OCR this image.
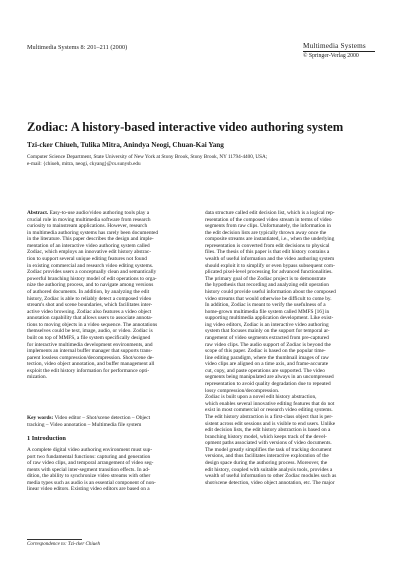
Multimedia Systems 8: 201–211 (2000)	Multimedia Systems
© Springer-Verlag 2000
Zodiac: A history-based interactive video authoring system
Tzi-cker Chiueh, Tulika Mitra, Anindya Neogi, Chuan-Kai Yang
Computer Science Department, State University of New York at Stony Brook, Stony Brook, NY 11794-4400, USA;
e-mail: {chiueh, mitra, neogi, ckyang}@cs.sunysb.edu
Abstract. Easy-to-use audio/video authoring tools play a
crucial role in moving multimedia software from research
curiosity to mainstream applications. However, research
in multimedia authoring systems has rarely been documented
in the literature. This paper describes the design and imple-
mentation of an interactive video authoring system called
Zodiac, which employs an innovative edit history abstrac-
tion to support several unique editing features not found
in existing commercial and research video editing systems.
Zodiac provides users a conceptually clean and semantically
powerful branching history model of edit operations to orga-
nize the authoring process, and to navigate among versions
of authored documents. In addition, by analyzing the edit
history, Zodiac is able to reliably detect a composed video
stream's shot and scene boundaries, which facilitates inter-
active video browsing. Zodiac also features a video object
annotation capability that allows users to associate annota-
tions to moving objects in a video sequence. The annotations
themselves could be text, image, audio, or video. Zodiac is
built on top of MMFS, a file system specifically designed
for interactive multimedia development environments, and
implements an internal buffer manager that supports trans-
parent lossless compression/decompression. Shot/scene de-
tection, video object annotation, and buffer management all
exploit the edit history information for performance opti-
mization.
Key words: Video editor – Shot/scene detection – Object
tracking – Video annotation – Multimedia file system
1 Introduction
A complete digital video authoring environment must sup-
port two fundamental functions: capturing and generation
of raw video clips, and temporal arrangement of video seg-
ments with special inter-segment transition effects. In ad-
dition, the ability to synchronize video streams with other
media types such as audio is an essential component of non-
linear video editors. Existing video editors are based on a
data structure called edit decision list, which is a logical rep-
resentation of the composed video stream in terms of video
segments from raw clips. Unfortunately, the information in
the edit decision lists are typically thrown away once the
composite streams are instantiated, i.e., when the underlying
representation is converted from edit decisions to physical
files. The thesis of this paper is that edit history contains a
wealth of useful information and the video authoring system
should exploit it to simplify or even bypass subsequent com-
plicated pixel-level processing for advanced functionalities.
The primary goal of the Zodiac project is to demonstrate
the hypothesis that recording and analyzing edit operation
history could provide useful information about the composed
video streams that would otherwise be difficult to come by.
In addition, Zodiac is meant to verify the usefulness of a
home-grown multimedia file system called MMFS [16] in
supporting multimedia application development. Like exist-
ing video editors, Zodiac is an interactive video authoring
system that focuses mainly on the support for temporal ar-
rangement of video segments extracted from pre-captured
raw video clips. The audio support of Zodiac is beyond the
scope of this paper. Zodiac is based on the popular time-
line editing paradigm, where the thumbnail images of raw
video clips are aligned on a time axis, and frame-accurate
cut, copy, and paste operations are supported. The video
segments being manipulated are always in an uncompressed
representation to avoid quality degradation due to repeated
lossy compression/decompression.
Zodiac is built upon a novel edit history abstraction,
which enables several innovative editing features that do not
exist in most commercial or research video editing systems.
The edit history abstraction is a first-class object that is per-
sistent across edit sessions and is visible to end users. Unlike
edit decision lists, the edit history abstraction is based on a
branching history model, which keeps track of the devel-
opment paths associated with versions of video documents.
The model greatly simplifies the task of tracking document
versions, and thus facilitates interactive exploration of the
design space during the authoring process. Moreover, the
edit history, coupled with suitable analysis tools, provides a
wealth of useful information to other Zodiac modules such as
shot/scene detection, video object annotation, etc. The major
Correspondence to: Tzi-cker Chiueh
